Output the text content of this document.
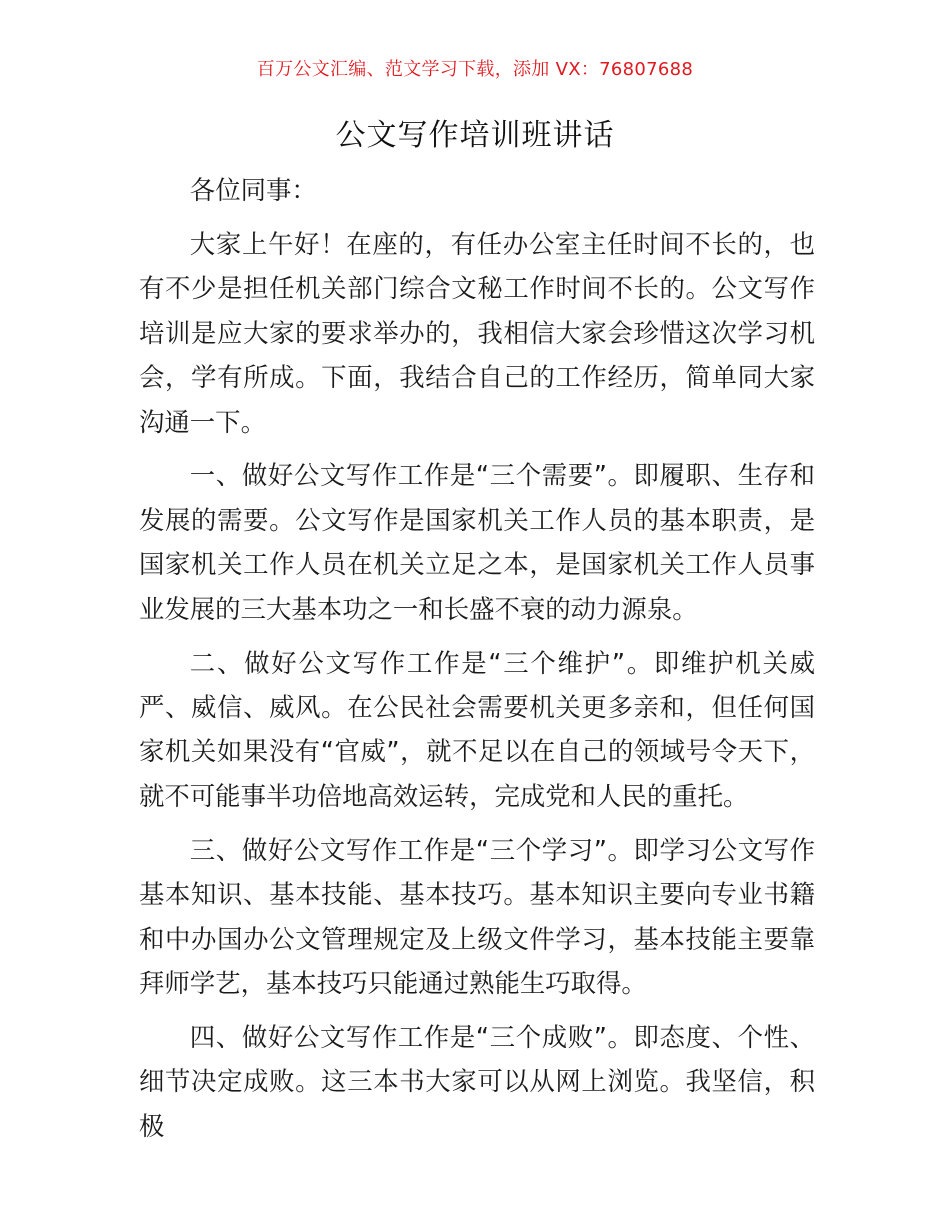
百万公文汇编、范文学习下载，添加 VX：76807688
公文写作培训班讲话

各位同事：

大家上午好！在座的，有任办公室主任时间不长的，也有不少是担任机关部门综合文秘工作时间不长的。公文写作培训是应大家的要求举办的，我相信大家会珍惜这次学习机会，学有所成。下面，我结合自己的工作经历，简单同大家沟通一下。

一、做好公文写作工作是“三个需要”。即履职、生存和发展的需要。公文写作是国家机关工作人员的基本职责，是国家机关工作人员在机关立足之本，是国家机关工作人员事业发展的三大基本功之一和长盛不衰的动力源泉。

二、做好公文写作工作是“三个维护”。即维护机关威严、威信、威风。在公民社会需要机关更多亲和，但任何国家机关如果没有“官威”，就不足以在自己的领域号令天下，就不可能事半功倍地高效运转，完成党和人民的重托。

三、做好公文写作工作是“三个学习”。即学习公文写作基本知识、基本技能、基本技巧。基本知识主要向专业书籍和中办国办公文管理规定及上级文件学习，基本技能主要靠拜师学艺，基本技巧只能通过熟能生巧取得。

四、做好公文写作工作是“三个成败”。即态度、个性、细节决定成败。这三本书大家可以从网上浏览。我坚信，积极
